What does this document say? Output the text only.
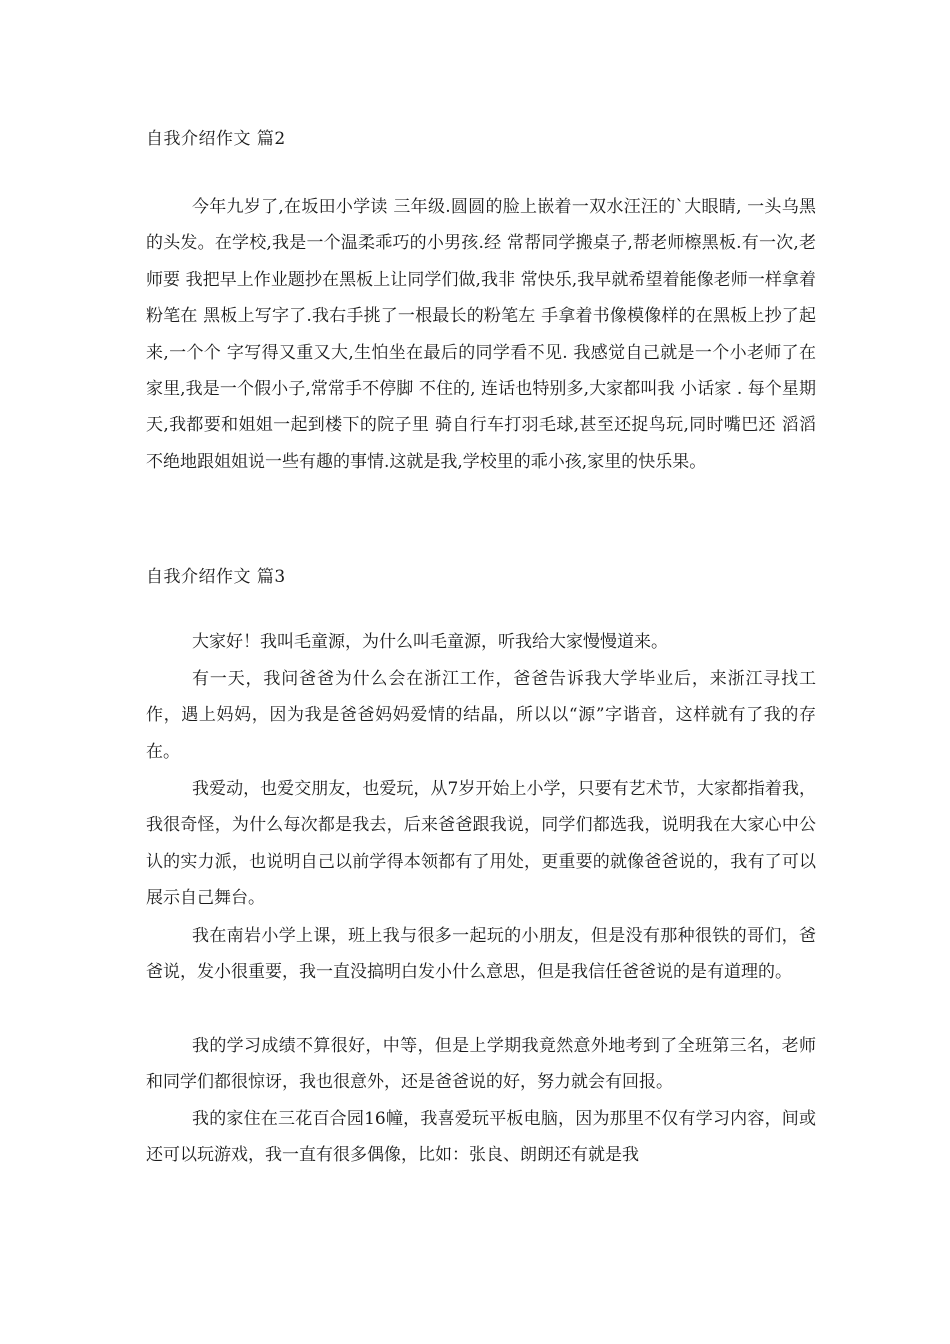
自我介绍作文 篇2

今年九岁了,在坂田小学读 三年级.圆圆的脸上嵌着一双水汪汪的`大眼睛, 一头乌黑的头发。在学校,我是一个温柔乖巧的小男孩.经 常帮同学搬桌子,帮老师檫黑板.有一次,老师要 我把早上作业题抄在黑板上让同学们做,我非 常快乐,我早就希望着能像老师一样拿着粉笔在 黑板上写字了.我右手挑了一根最长的粉笔左 手拿着书像模像样的在黑板上抄了起来,一个个 字写得又重又大,生怕坐在最后的同学看不见. 我感觉自己就是一个小老师了在家里,我是一个假小子,常常手不停脚 不住的, 连话也特别多,大家都叫我 小话家 . 每个星期天,我都要和姐姐一起到楼下的院子里 骑自行车打羽毛球,甚至还捉鸟玩,同时嘴巴还 滔滔不绝地跟姐姐说一些有趣的事情.这就是我,学校里的乖小孩,家里的快乐果。

自我介绍作文 篇3

大家好！我叫毛童源，为什么叫毛童源，听我给大家慢慢道来。

有一天，我问爸爸为什么会在浙江工作，爸爸告诉我大学毕业后，来浙江寻找工作，遇上妈妈，因为我是爸爸妈妈爱情的结晶，所以以“源”字谐音，这样就有了我的存在。

我爱动，也爱交朋友，也爱玩，从7岁开始上小学，只要有艺术节，大家都指着我，我很奇怪，为什么每次都是我去，后来爸爸跟我说，同学们都选我，说明我在大家心中公认的实力派，也说明自己以前学得本领都有了用处，更重要的就像爸爸说的，我有了可以展示自己舞台。

我在南岩小学上课，班上我与很多一起玩的小朋友，但是没有那种很铁的哥们，爸爸说，发小很重要，我一直没搞明白发小什么意思，但是我信任爸爸说的是有道理的。

我的学习成绩不算很好，中等，但是上学期我竟然意外地考到了全班第三名，老师和同学们都很惊讶，我也很意外，还是爸爸说的好，努力就会有回报。

我的家住在三花百合园16幢，我喜爱玩平板电脑，因为那里不仅有学习内容，间或还可以玩游戏，我一直有很多偶像，比如：张良、朗朗还有就是我
